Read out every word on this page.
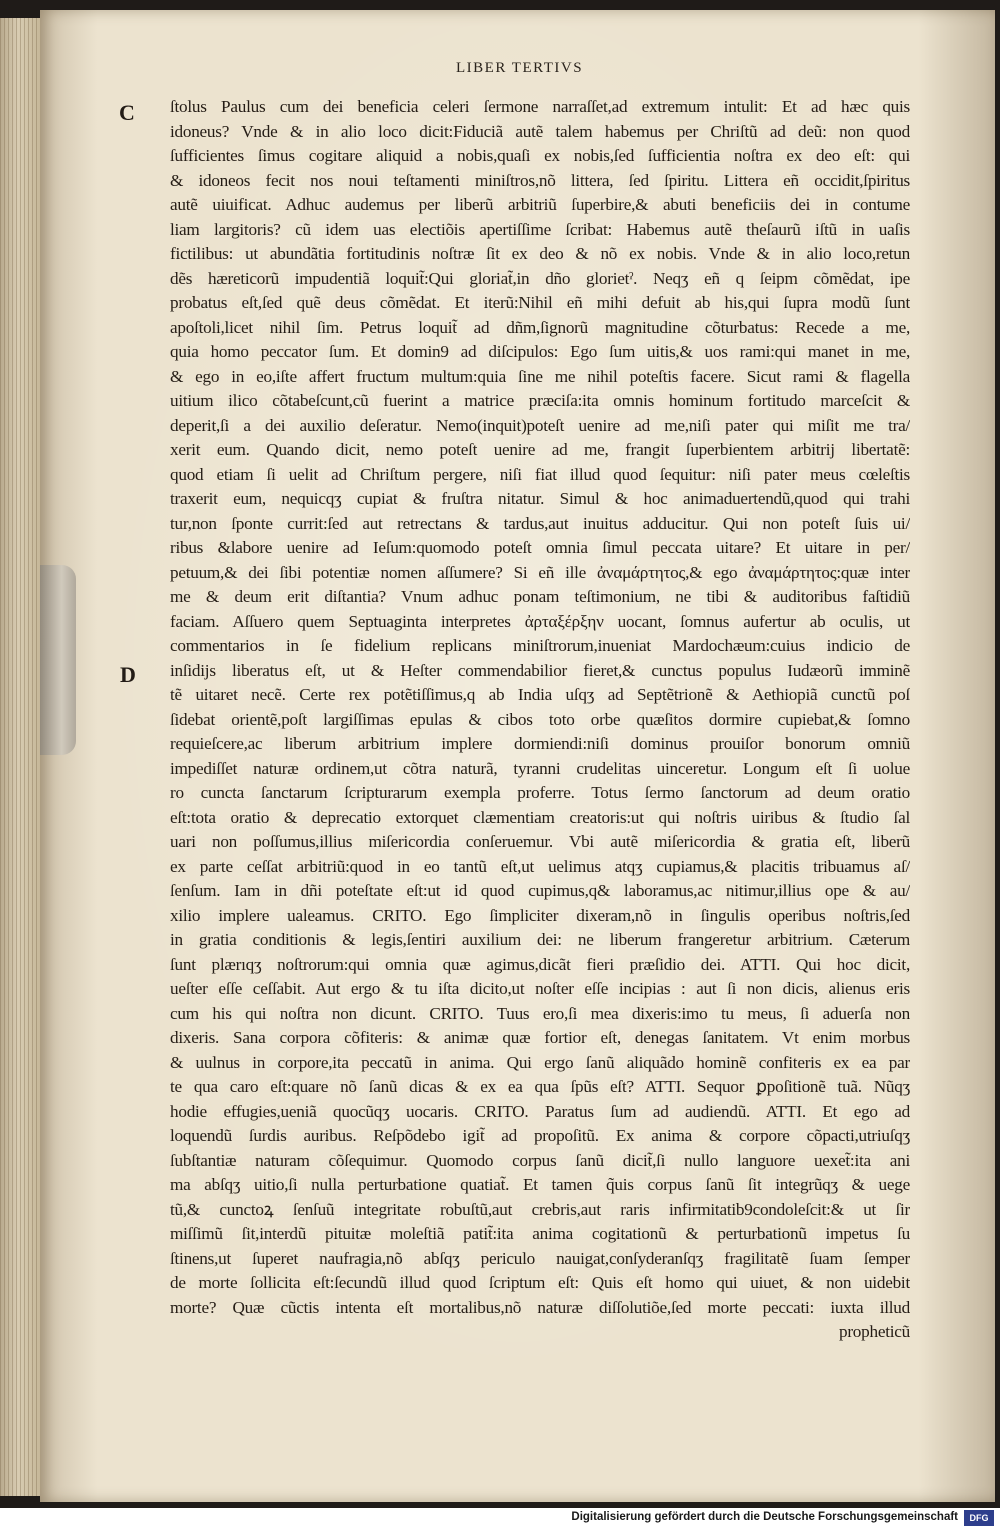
LIBER TERTIVS
C
D
ſtolus Paulus cum dei beneficia celeri ſermone narraſſet,ad extremum intulit: Et ad hæc quis
idoneus? Vnde & in alio loco dicit:Fiduciã autẽ talem habemus per Chriſtũ ad deũ: non quod
ſufficientes ſimus cogitare aliquid a nobis,quaſi ex nobis,ſed ſufficientia noſtra ex deo eſt: qui
& idoneos fecit nos noui teſtamenti miniſtros,nõ littera, ſed ſpiritu. Littera eñ occidit,ſpiritus
autẽ uiuificat. Adhuc audemus per liberũ arbitriũ ſuperbire,& abuti beneficiis dei in contume
liam largitoris? cũ idem uas electiõis apertiſſime ſcribat: Habemus autẽ theſaurũ iſtũ in uaſis
fictilibus: ut abundãtia fortitudinis noſtræ ſit ex deo & nõ ex nobis. Vnde & in alio loco,retun
dẽs hæreticorũ impudentiã loquit̃:Qui gloriat̃,in dño glorietˀ. Neqʒ eñ q ſeipm cõmẽdat, ipe
probatus eſt,ſed quẽ deus cõmẽdat. Et iterũ:Nihil eñ mihi defuit ab his,qui ſupra modũ ſunt
apoſtoli,licet nihil ſim. Petrus loquit̃ ad dñm,ſignorũ magnitudine cõturbatus: Recede a me,
quia homo peccator ſum. Et domin9 ad diſcipulos: Ego ſum uitis,& uos rami:qui manet in me,
& ego in eo,iſte affert fructum multum:quia ſine me nihil poteſtis facere. Sicut rami & flagella
uitium ilico cõtabeſcunt,cũ fuerint a matrice præciſa:ita omnis hominum fortitudo marceſcit &
deperit,ſi a dei auxilio deſeratur. Nemo(inquit)poteſt uenire ad me,niſi pater qui miſit me tra/
xerit eum. Quando dicit, nemo poteſt uenire ad me, frangit ſuperbientem arbitrij libertatẽ:
quod etiam ſi uelit ad Chriſtum pergere, niſi fiat illud quod ſequitur: niſi pater meus cœleſtis
traxerit eum, nequicqʒ cupiat & fruſtra nitatur. Simul & hoc animaduertendũ,quod qui trahi
tur,non ſponte currit:ſed aut retrectans & tardus,aut inuitus adducitur. Qui non poteſt ſuis ui/
ribus &labore uenire ad Ieſum:quomodo poteſt omnia ſimul peccata uitare? Et uitare in per/
petuum,& dei ſibi potentiæ nomen aſſumere? Si eñ ille ἀναμάρτητος,& ego ἀναμάρτητος:quæ inter
me & deum erit diſtantia? Vnum adhuc ponam teſtimonium, ne tibi & auditoribus faſtidiũ
faciam. Aſſuero quem Septuaginta interpretes ἀρταξέρξην uocant, ſomnus aufertur ab oculis, ut
commentarios in ſe fidelium replicans miniſtrorum,inueniat Mardochæum:cuius indicio de
inſidijs liberatus eſt, ut & Heſter commendabilior fieret,& cunctus populus Iudæorũ imminẽ
tẽ uitaret necẽ. Certe rex potẽtiſſimus,q ab India uſqʒ ad Septẽtrionẽ & Aethiopiã cunctũ poſ
ſidebat orientẽ,poſt largiſſimas epulas & cibos toto orbe quæſitos dormire cupiebat,& ſomno
requieſcere,ac liberum arbitrium implere dormiendi:niſi dominus prouiſor bonorum omniũ
impediſſet naturæ ordinem,ut cõtra naturã, tyranni crudelitas uinceretur. Longum eſt ſi uolue
ro cuncta ſanctarum ſcripturarum exempla proferre. Totus ſermo ſanctorum ad deum oratio
eſt:tota oratio & deprecatio extorquet clæmentiam creatoris:ut qui noſtris uiribus & ſtudio ſal
uari non poſſumus,illius miſericordia conſeruemur. Vbi autẽ miſericordia & gratia eſt, liberũ
ex parte ceſſat arbitriũ:quod in eo tantũ eſt,ut uelimus atqʒ cupiamus,& placitis tribuamus aſ/
ſenſum. Iam in dñi poteſtate eſt:ut id quod cupimus,q& laboramus,ac nitimur,illius ope & au/
xilio implere ualeamus. CRITO. Ego ſimpliciter dixeram,nõ in ſingulis operibus noſtris,ſed
in gratia conditionis & legis,ſentiri auxilium dei: ne liberum frangeretur arbitrium. Cæterum
ſunt plærıqʒ noſtrorum:qui omnia quæ agimus,dicãt fieri præſidio dei. ATTI. Qui hoc dicit,
ueſter eſſe ceſſabit. Aut ergo & tu iſta dicito,ut noſter eſſe incipias : aut ſi non dicis, alienus eris
cum his qui noſtra non dicunt. CRITO. Tuus ero,ſi mea dixeris:imo tu meus, ſi aduerſa non
dixeris. Sana corpora cõfiteris: & animæ quæ fortior eſt, denegas ſanitatem. Vt enim morbus
& uulnus in corpore,ita peccatũ in anima. Qui ergo ſanũ aliquãdo hominẽ confiteris ex ea par
te qua caro eſt:quare nõ ſanũ dicas & ex ea qua ſpũs eſt? ATTI. Sequor ꝑpoſitionẽ tuã. Nũqʒ
hodie effugies,ueniã quocũqʒ uocaris. CRITO. Paratus ſum ad audiendũ. ATTI. Et ego ad
loquendũ ſurdis auribus. Reſpõdebo igit̃ ad propoſitũ. Ex anima & corpore cõpacti,utriuſqʒ
ſubſtantiæ naturam cõſequimur. Quomodo corpus ſanũ dicit̃,ſi nullo languore uexet̃:ita ani
ma abſqʒ uitio,ſi nulla perturbatione quatiat̃. Et tamen q̃uis corpus ſanũ ſit integrũqʒ & uege
tũ,& cunctoꝝ ſenſuũ integritate robuſtũ,aut crebris,aut raris infirmitatib9condoleſcit:& ut ſir
miſſimũ ſit,interdũ pituitæ moleſtiã patit̃:ita anima cogitationũ & perturbationũ impetus ſu
ſtinens,ut ſuperet naufragia,nõ abſqʒ periculo nauigat,conſyderanſqʒ fragilitatẽ ſuam ſemper
de morte ſollicita eſt:ſecundũ illud quod ſcriptum eſt: Quis eſt homo qui uiuet, & non uidebit
morte? Quæ cũctis intenta eſt mortalibus,nõ naturæ diſſolutiõe,ſed morte peccati: iuxta illud
propheticũ
Digitalisierung gefördert durch die Deutsche Forschungsgemeinschaft	DFG
